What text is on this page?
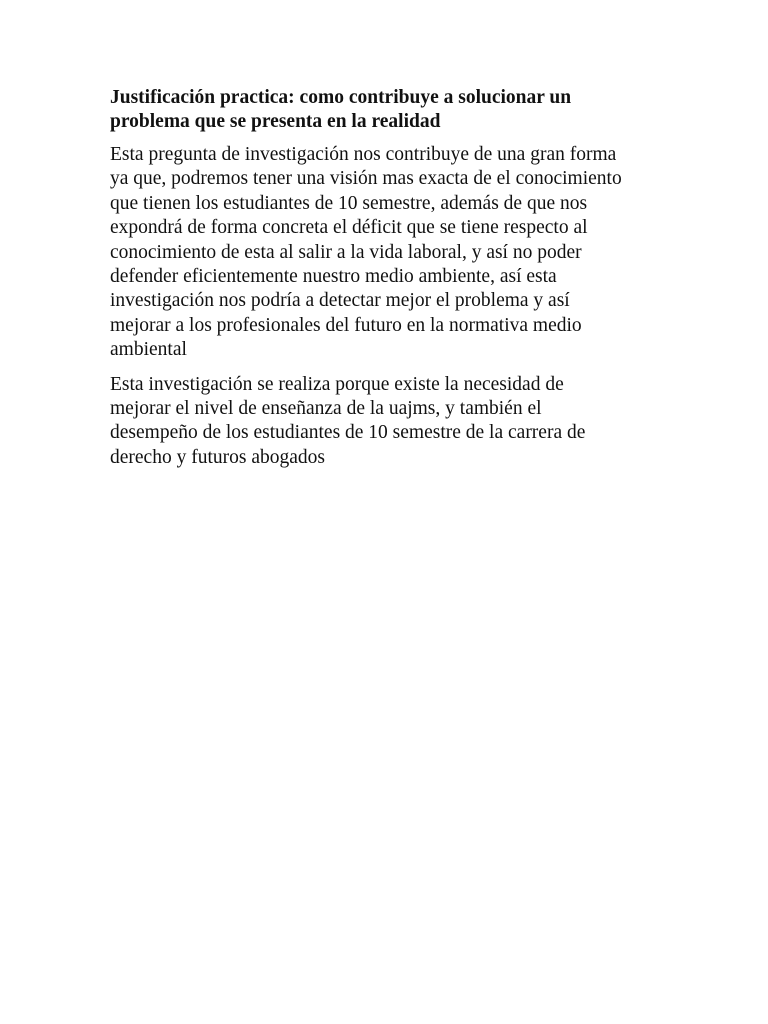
Justificación practica: como contribuye a solucionar un
problema que se presenta en la realidad

Esta pregunta de investigación nos contribuye de una gran forma
ya que, podremos tener una visión mas exacta de el conocimiento
que tienen los estudiantes de 10 semestre, además de que nos
expondrá de forma concreta el déficit que se tiene respecto al
conocimiento de esta al salir a la vida laboral, y así no poder
defender eficientemente nuestro medio ambiente, así esta
investigación nos podría a detectar mejor el problema y así
mejorar a los profesionales del futuro en la normativa medio
ambiental

Esta investigación se realiza porque existe la necesidad de
mejorar el nivel de enseñanza de la uajms, y también el
desempeño de los estudiantes de 10 semestre de la carrera de
derecho y futuros abogados
